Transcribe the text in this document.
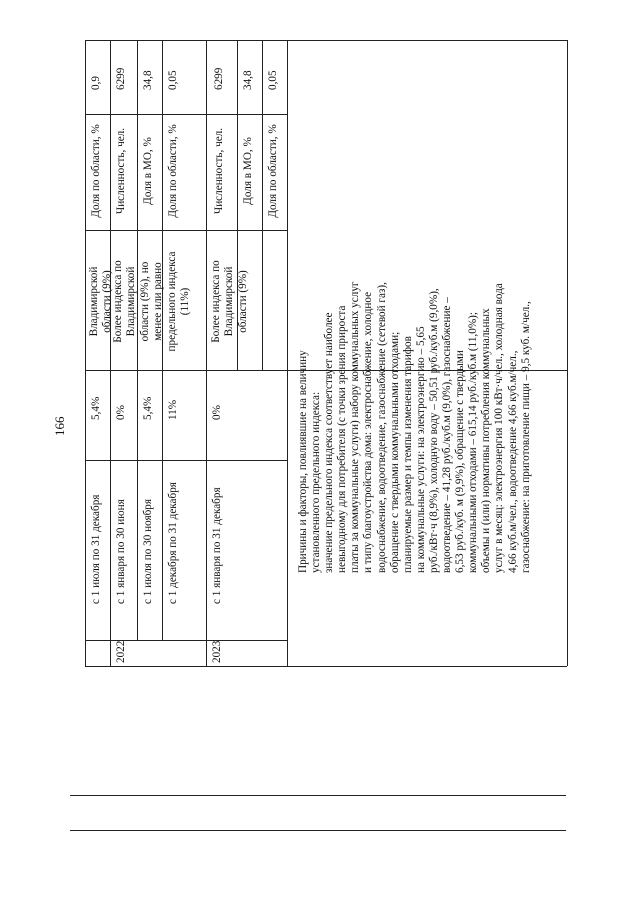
166
с 1 июля по 31 декабря
5,4%
Доля по области, %
0,9
2022
с 1 января по 30 июня
0%
с 1 июля по 30 ноября
5,4%
с 1 декабря по 31 декабря
11%
2023
с 1 января по 31 декабря
0%
Владимирской области (9%)
Более индекса по Владимирской области (9%), но менее или равно предельного индекса (11%) Более индекса по Владимирской области (9%)
Численность, чел.
6299
Доля в МО, %
34,8
Доля по области, %
0,05
Численность, чел.
6299
Доля в МО, %
34,8
Доля по области, %
0,05
Причины и факторы, повлиявшие на величину установленного предельного индекса: значение предельного индекса соответствует наиболее невыгодному для потребителя (с точки зрения прироста платы за коммунальные услуги) набору коммунальных услуг и типу благоустройства дома: электроснабжение, холодное водоснабжение, водоотведение, газоснабжение (сетевой газ), обращение с твердыми коммунальными отходами; планируемые размер и темпы изменения тарифов на коммунальные услуги: на электроэнергию – 5,65 руб./кВт·ч (8,9%), холодную воду – 50,51 руб./куб.м (9,0%), водоотведение – 41,28 руб./куб.м (9,0%), газоснабжение – 6,53 руб./куб. м (9,9%), обращение с твердыми коммунальными отходами – 615,14 руб./куб.м (11,0%); объемы и (или) нормативы потребления коммунальных услуг в месяц: электроэнергия 100 кВт·ч/чел., холодная вода 4,66 куб.м/чел., водоотведение 4,66 куб.м/чел., газоснабжение: на приготовление пищи – 9,5 куб. м/чел.,
